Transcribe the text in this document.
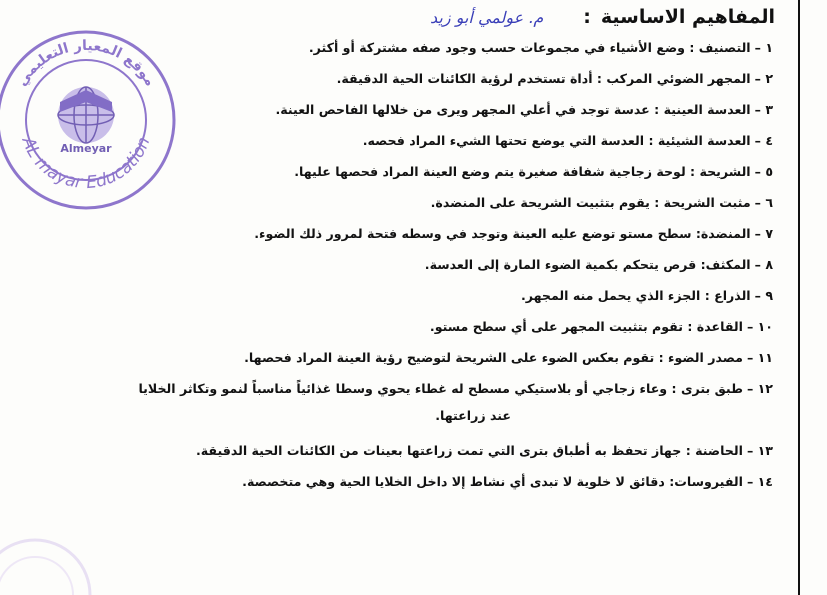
المفاهيم الاساسية
:
م. عولمي أبو زيد
موقع المعيار التعليمي
Almeyar
AL mayar Education
١ –التصنيف : وضع الأشياء في مجموعات حسب وجود صفه مشتركة أو أكثر.
٢ –المجهر الضوئي المركب : أداة تستخدم لرؤية الكائنات الحية الدقيقة.
٣ –العدسة العينية : عدسة توجد في أعلي المجهر ويرى من خلالها الفاحص العينة.
٤ –العدسة الشيئية : العدسة التي يوضع تحتها الشيء المراد فحصه.
٥ –الشريحة : لوحة زجاجية شفافة صغيرة يتم وضع العينة المراد فحصها عليها.
٦ –مثبت الشريحة : يقوم بتثبيت الشريحة على المنضدة.
٧ –المنضدة: سطح مستو توضع عليه العينة وتوجد في وسطه فتحة لمرور ذلك الضوء.
٨ –المكثف: قرص يتحكم بكمية الضوء المارة إلى العدسة.
٩ –الذراع : الجزء الذي يحمل منه المجهر.
١٠ –القاعدة : تقوم بتثبيت المجهر على أي سطح مستو.
١١ –مصدر الضوء : تقوم بعكس الضوء على الشريحة لتوضيح رؤية العينة المراد فحصها.
١٢ –طبق بترى : وعاء زجاجي أو بلاستيكي مسطح له غطاء يحوي وسطا غذائياً مناسباً لنمو وتكاثر الخلايا
عند زراعتها.
١٣ –الحاضنة : جهاز تحفظ به أطباق بترى التي تمت زراعتها بعينات من الكائنات الحية الدقيقة.
١٤ –الفيروسات: دقائق لا خلوية لا تبدى أي نشاط إلا داخل الخلايا الحية وهي متخصصة.
